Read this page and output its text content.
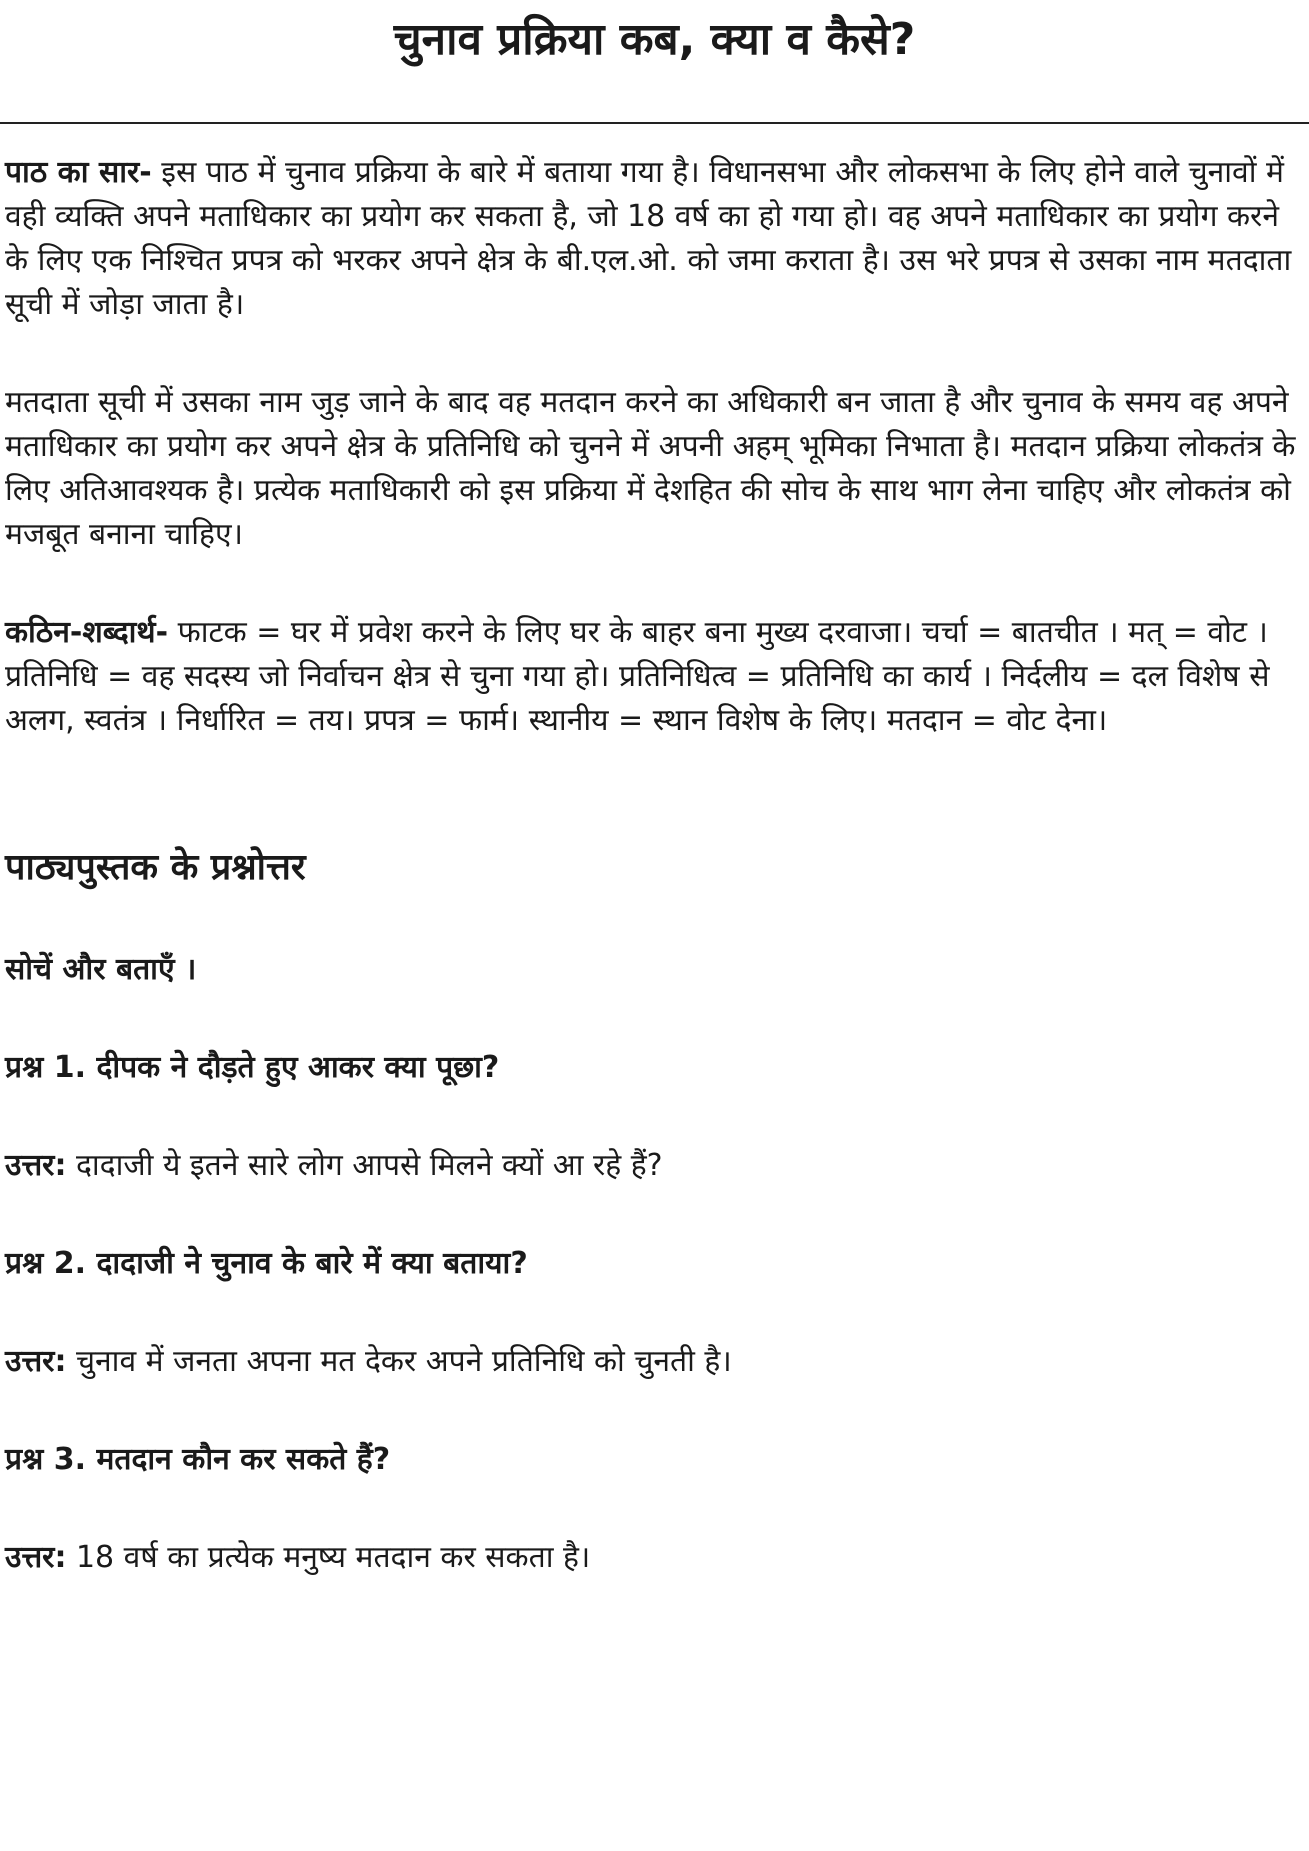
चुनाव प्रक्रिया कब, क्या व कैसे?

पाठ का सार- इस पाठ में चुनाव प्रक्रिया के बारे में बताया गया है। विधानसभा और लोकसभा के लिए होने वाले चुनावों में वही व्यक्ति अपने मताधिकार का प्रयोग कर सकता है, जो 18 वर्ष का हो गया हो। वह अपने मताधिकार का प्रयोग करने के लिए एक निश्चित प्रपत्र को भरकर अपने क्षेत्र के बी.एल.ओ. को जमा कराता है। उस भरे प्रपत्र से उसका नाम मतदाता सूची में जोड़ा जाता है।

मतदाता सूची में उसका नाम जुड़ जाने के बाद वह मतदान करने का अधिकारी बन जाता है और चुनाव के समय वह अपने मताधिकार का प्रयोग कर अपने क्षेत्र के प्रतिनिधि को चुनने में अपनी अहम् भूमिका निभाता है। मतदान प्रक्रिया लोकतंत्र के लिए अतिआवश्यक है। प्रत्येक मताधिकारी को इस प्रक्रिया में देशहित की सोच के साथ भाग लेना चाहिए और लोकतंत्र को मजबूत बनाना चाहिए।

कठिन-शब्दार्थ- फाटक = घर में प्रवेश करने के लिए घर के बाहर बना मुख्य दरवाजा। चर्चा = बातचीत । मत् = वोट । प्रतिनिधि = वह सदस्य जो निर्वाचन क्षेत्र से चुना गया हो। प्रतिनिधित्व = प्रतिनिधि का कार्य । निर्दलीय = दल विशेष से अलग, स्वतंत्र । निर्धारित = तय। प्रपत्र = फार्म। स्थानीय = स्थान विशेष के लिए। मतदान = वोट देना।

पाठ्यपुस्तक के प्रश्नोत्तर
सोचें और बताएँ ।

प्रश्न 1. दीपक ने दौड़ते हुए आकर क्या पूछा?

उत्तर: दादाजी ये इतने सारे लोग आपसे मिलने क्यों आ रहे हैं?

प्रश्न 2. दादाजी ने चुनाव के बारे में क्या बताया?

उत्तर: चुनाव में जनता अपना मत देकर अपने प्रतिनिधि को चुनती है।

प्रश्न 3. मतदान कौन कर सकते हैं?

उत्तर: 18 वर्ष का प्रत्येक मनुष्य मतदान कर सकता है।
